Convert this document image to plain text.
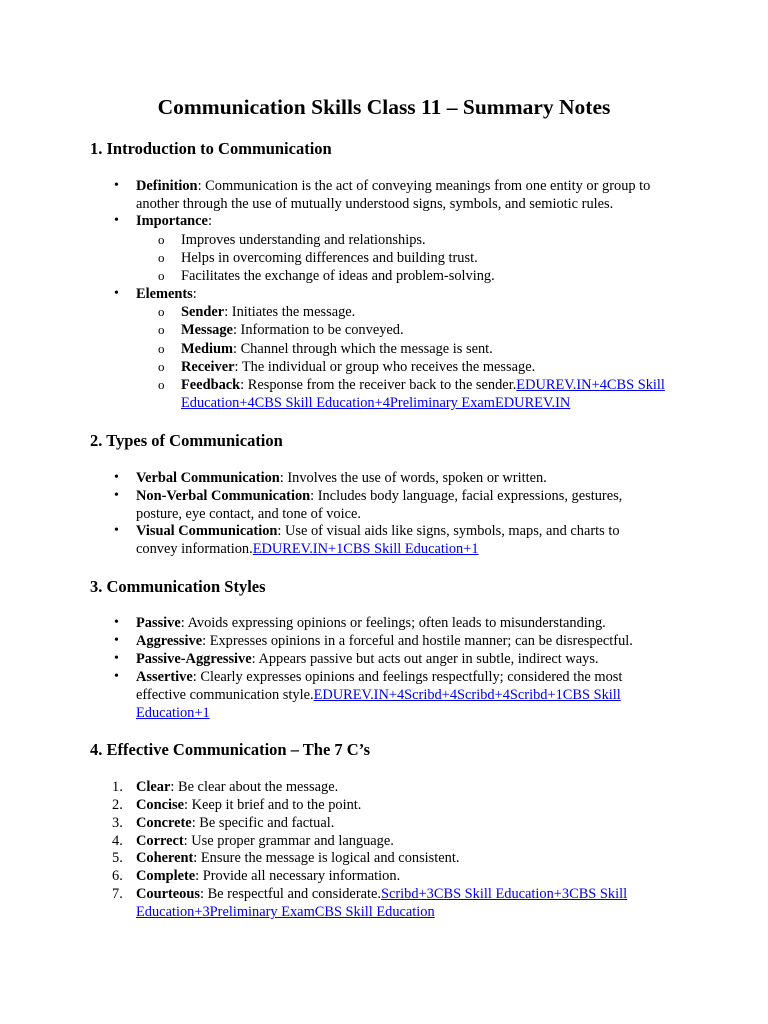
Communication Skills Class 11 – Summary Notes
1. Introduction to Communication
• Definition: Communication is the act of conveying meanings from one entity or group to another through the use of mutually understood signs, symbols, and semiotic rules.

• Importance:

o Improves understanding and relationships.

o Helps in overcoming differences and building trust.

o Facilitates the exchange of ideas and problem-solving.

• Elements:

o Sender: Initiates the message.

o Message: Information to be conveyed.

o Medium: Channel through which the message is sent.

o Receiver: The individual or group who receives the message.

o Feedback: Response from the receiver back to the sender.EDUREV.IN+4CBS Skill Education+4CBS Skill Education+4Preliminary ExamEDUREV.IN

2. Types of Communication
• Verbal Communication: Involves the use of words, spoken or written.

• Non-Verbal Communication: Includes body language, facial expressions, gestures, posture, eye contact, and tone of voice.

• Visual Communication: Use of visual aids like signs, symbols, maps, and charts to convey information.EDUREV.IN+1CBS Skill Education+1

3. Communication Styles
• Passive: Avoids expressing opinions or feelings; often leads to misunderstanding.

• Aggressive: Expresses opinions in a forceful and hostile manner; can be disrespectful.

• Passive-Aggressive: Appears passive but acts out anger in subtle, indirect ways.

• Assertive: Clearly expresses opinions and feelings respectfully; considered the most effective communication style.EDUREV.IN+4Scribd+4Scribd+4Scribd+1CBS Skill Education+1

4. Effective Communication – The 7 C’s
1. Clear: Be clear about the message.

2. Concise: Keep it brief and to the point.

3. Concrete: Be specific and factual.

4. Correct: Use proper grammar and language.

5. Coherent: Ensure the message is logical and consistent.

6. Complete: Provide all necessary information.

7. Courteous: Be respectful and considerate.Scribd+3CBS Skill Education+3CBS Skill Education+3Preliminary ExamCBS Skill Education
